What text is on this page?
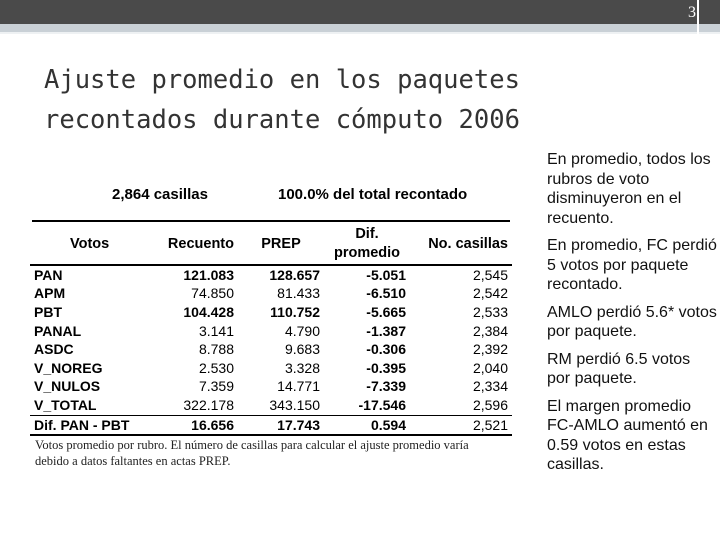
3
Ajuste promedio en los paquetes recontados durante cómputo 2006
2,864 casillas	100.0% del total recontado
Votos	Recuento	PREP	Dif. promedio	No. casillas
PAN	121.083	128.657	-5.051	2,545
APM	74.850	81.433	-6.510	2,542
PBT	104.428	110.752	-5.665	2,533
PANAL	3.141	4.790	-1.387	2,384
ASDC	8.788	9.683	-0.306	2,392
V_NOREG	2.530	3.328	-0.395	2,040
V_NULOS	7.359	14.771	-7.339	2,334
V_TOTAL	322.178	343.150	-17.546	2,596
Dif. PAN - PBT	16.656	17.743	0.594	2,521
Votos promedio por rubro. El número de casillas para calcular el ajuste promedio varía debido a datos faltantes en actas PREP.
En promedio, todos los rubros de voto disminuyeron en el recuento.
En promedio, FC perdió 5 votos por paquete recontado.
AMLO perdió 5.6* votos por paquete.
RM perdió 6.5 votos por paquete.
El margen promedio FC-AMLO aumentó en 0.59 votos en estas casillas.
